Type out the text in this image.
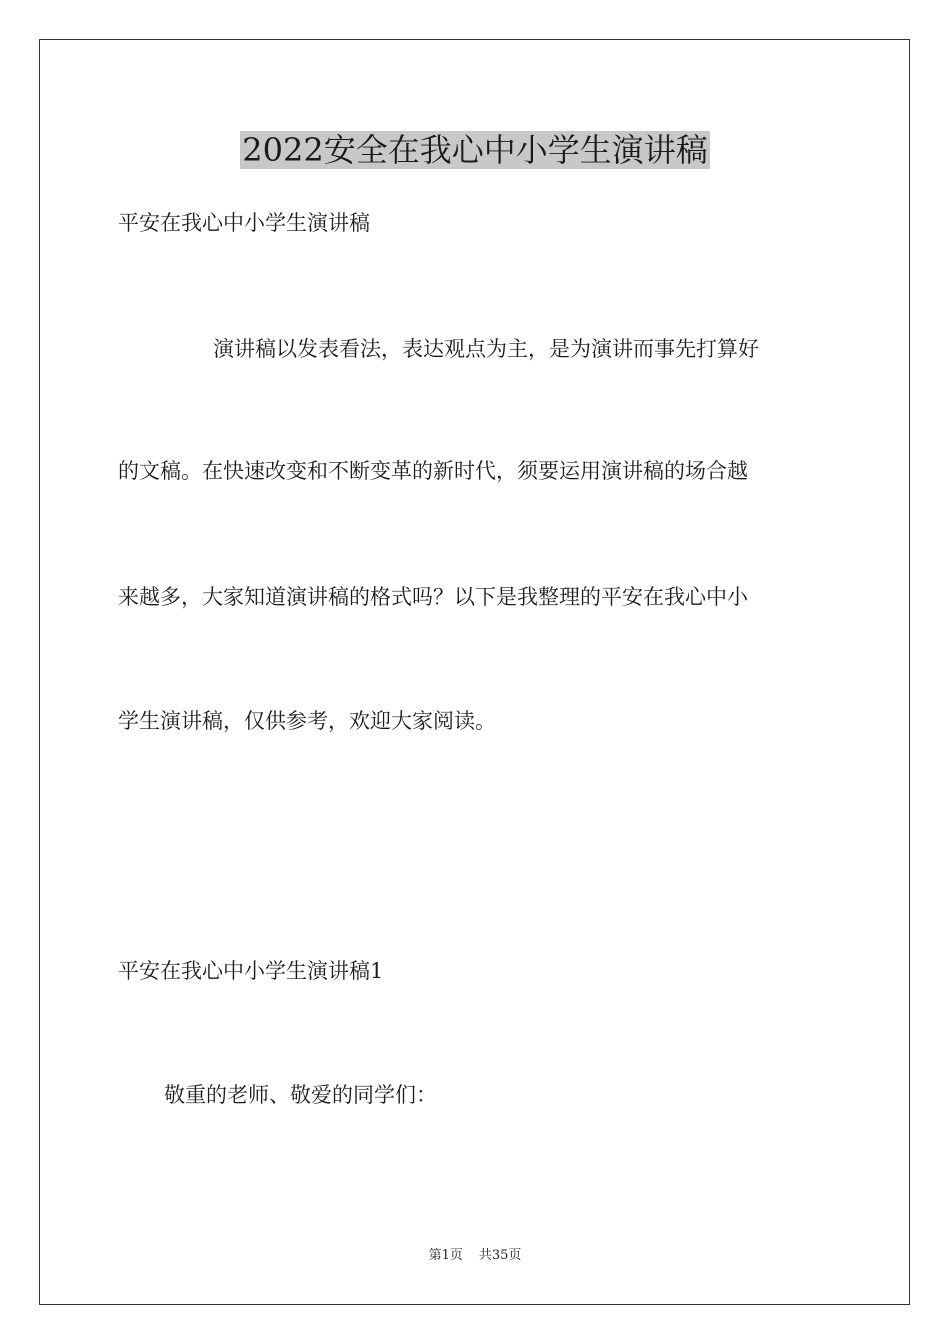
2022安全在我心中小学生演讲稿

平安在我心中小学生演讲稿

演讲稿以发表看法，表达观点为主，是为演讲而事先打算好

的文稿。在快速改变和不断变革的新时代，须要运用演讲稿的场合越

来越多，大家知道演讲稿的格式吗？以下是我整理的平安在我心中小

学生演讲稿，仅供参考，欢迎大家阅读。

平安在我心中小学生演讲稿1

敬重的老师、敬爱的同学们：

第1页 共35页
